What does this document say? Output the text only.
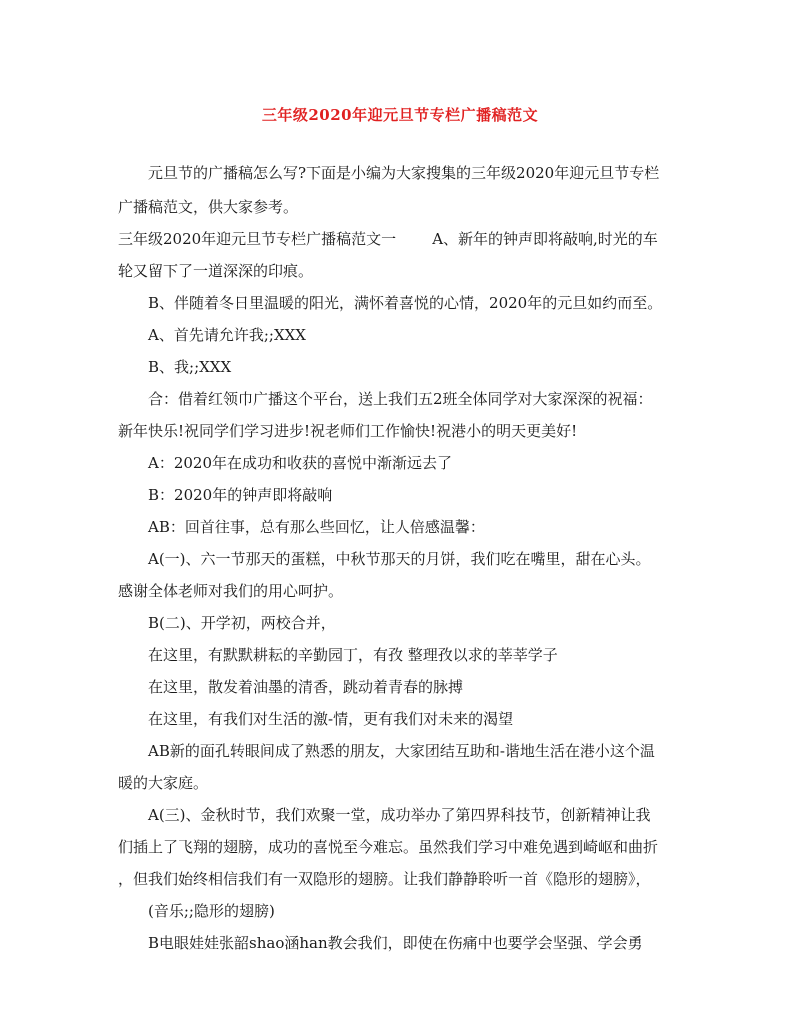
三年级2020年迎元旦节专栏广播稿范文
元旦节的广播稿怎么写?下面是小编为大家搜集的三年级2020年迎元旦节专栏
广播稿范文，供大家参考。
三年级2020年迎元旦节专栏广播稿范文一 A、新年的钟声即将敲响,时光的车
轮又留下了一道深深的印痕。
B、伴随着冬日里温暖的阳光，满怀着喜悦的心情，2020年的元旦如约而至。
A、首先请允许我;;XXX
B、我;;XXX
合：借着红领巾广播这个平台，送上我们五2班全体同学对大家深深的祝福：
新年快乐!祝同学们学习进步!祝老师们工作愉快!祝港小的明天更美好!
A：2020年在成功和收获的喜悦中渐渐远去了
B：2020年的钟声即将敲响
AB：回首往事，总有那么些回忆，让人倍感温馨：
A(一)、六一节那天的蛋糕，中秋节那天的月饼，我们吃在嘴里，甜在心头。
感谢全体老师对我们的用心呵护。
B(二)、开学初，两校合并，
在这里，有默默耕耘的辛勤园丁，有孜 整理孜以求的莘莘学子
在这里，散发着油墨的清香，跳动着青春的脉搏
在这里，有我们对生活的激-情，更有我们对未来的渴望
AB新的面孔转眼间成了熟悉的朋友，大家团结互助和-谐地生活在港小这个温
暖的大家庭。
A(三)、金秋时节，我们欢聚一堂，成功举办了第四界科技节，创新精神让我
们插上了飞翔的翅膀，成功的喜悦至今难忘。虽然我们学习中难免遇到崎岖和曲折
，但我们始终相信我们有一双隐形的翅膀。让我们静静聆听一首《隐形的翅膀》，
(音乐;;隐形的翅膀)
B电眼娃娃张韶shao涵han教会我们，即使在伤痛中也要学会坚强、学会勇
